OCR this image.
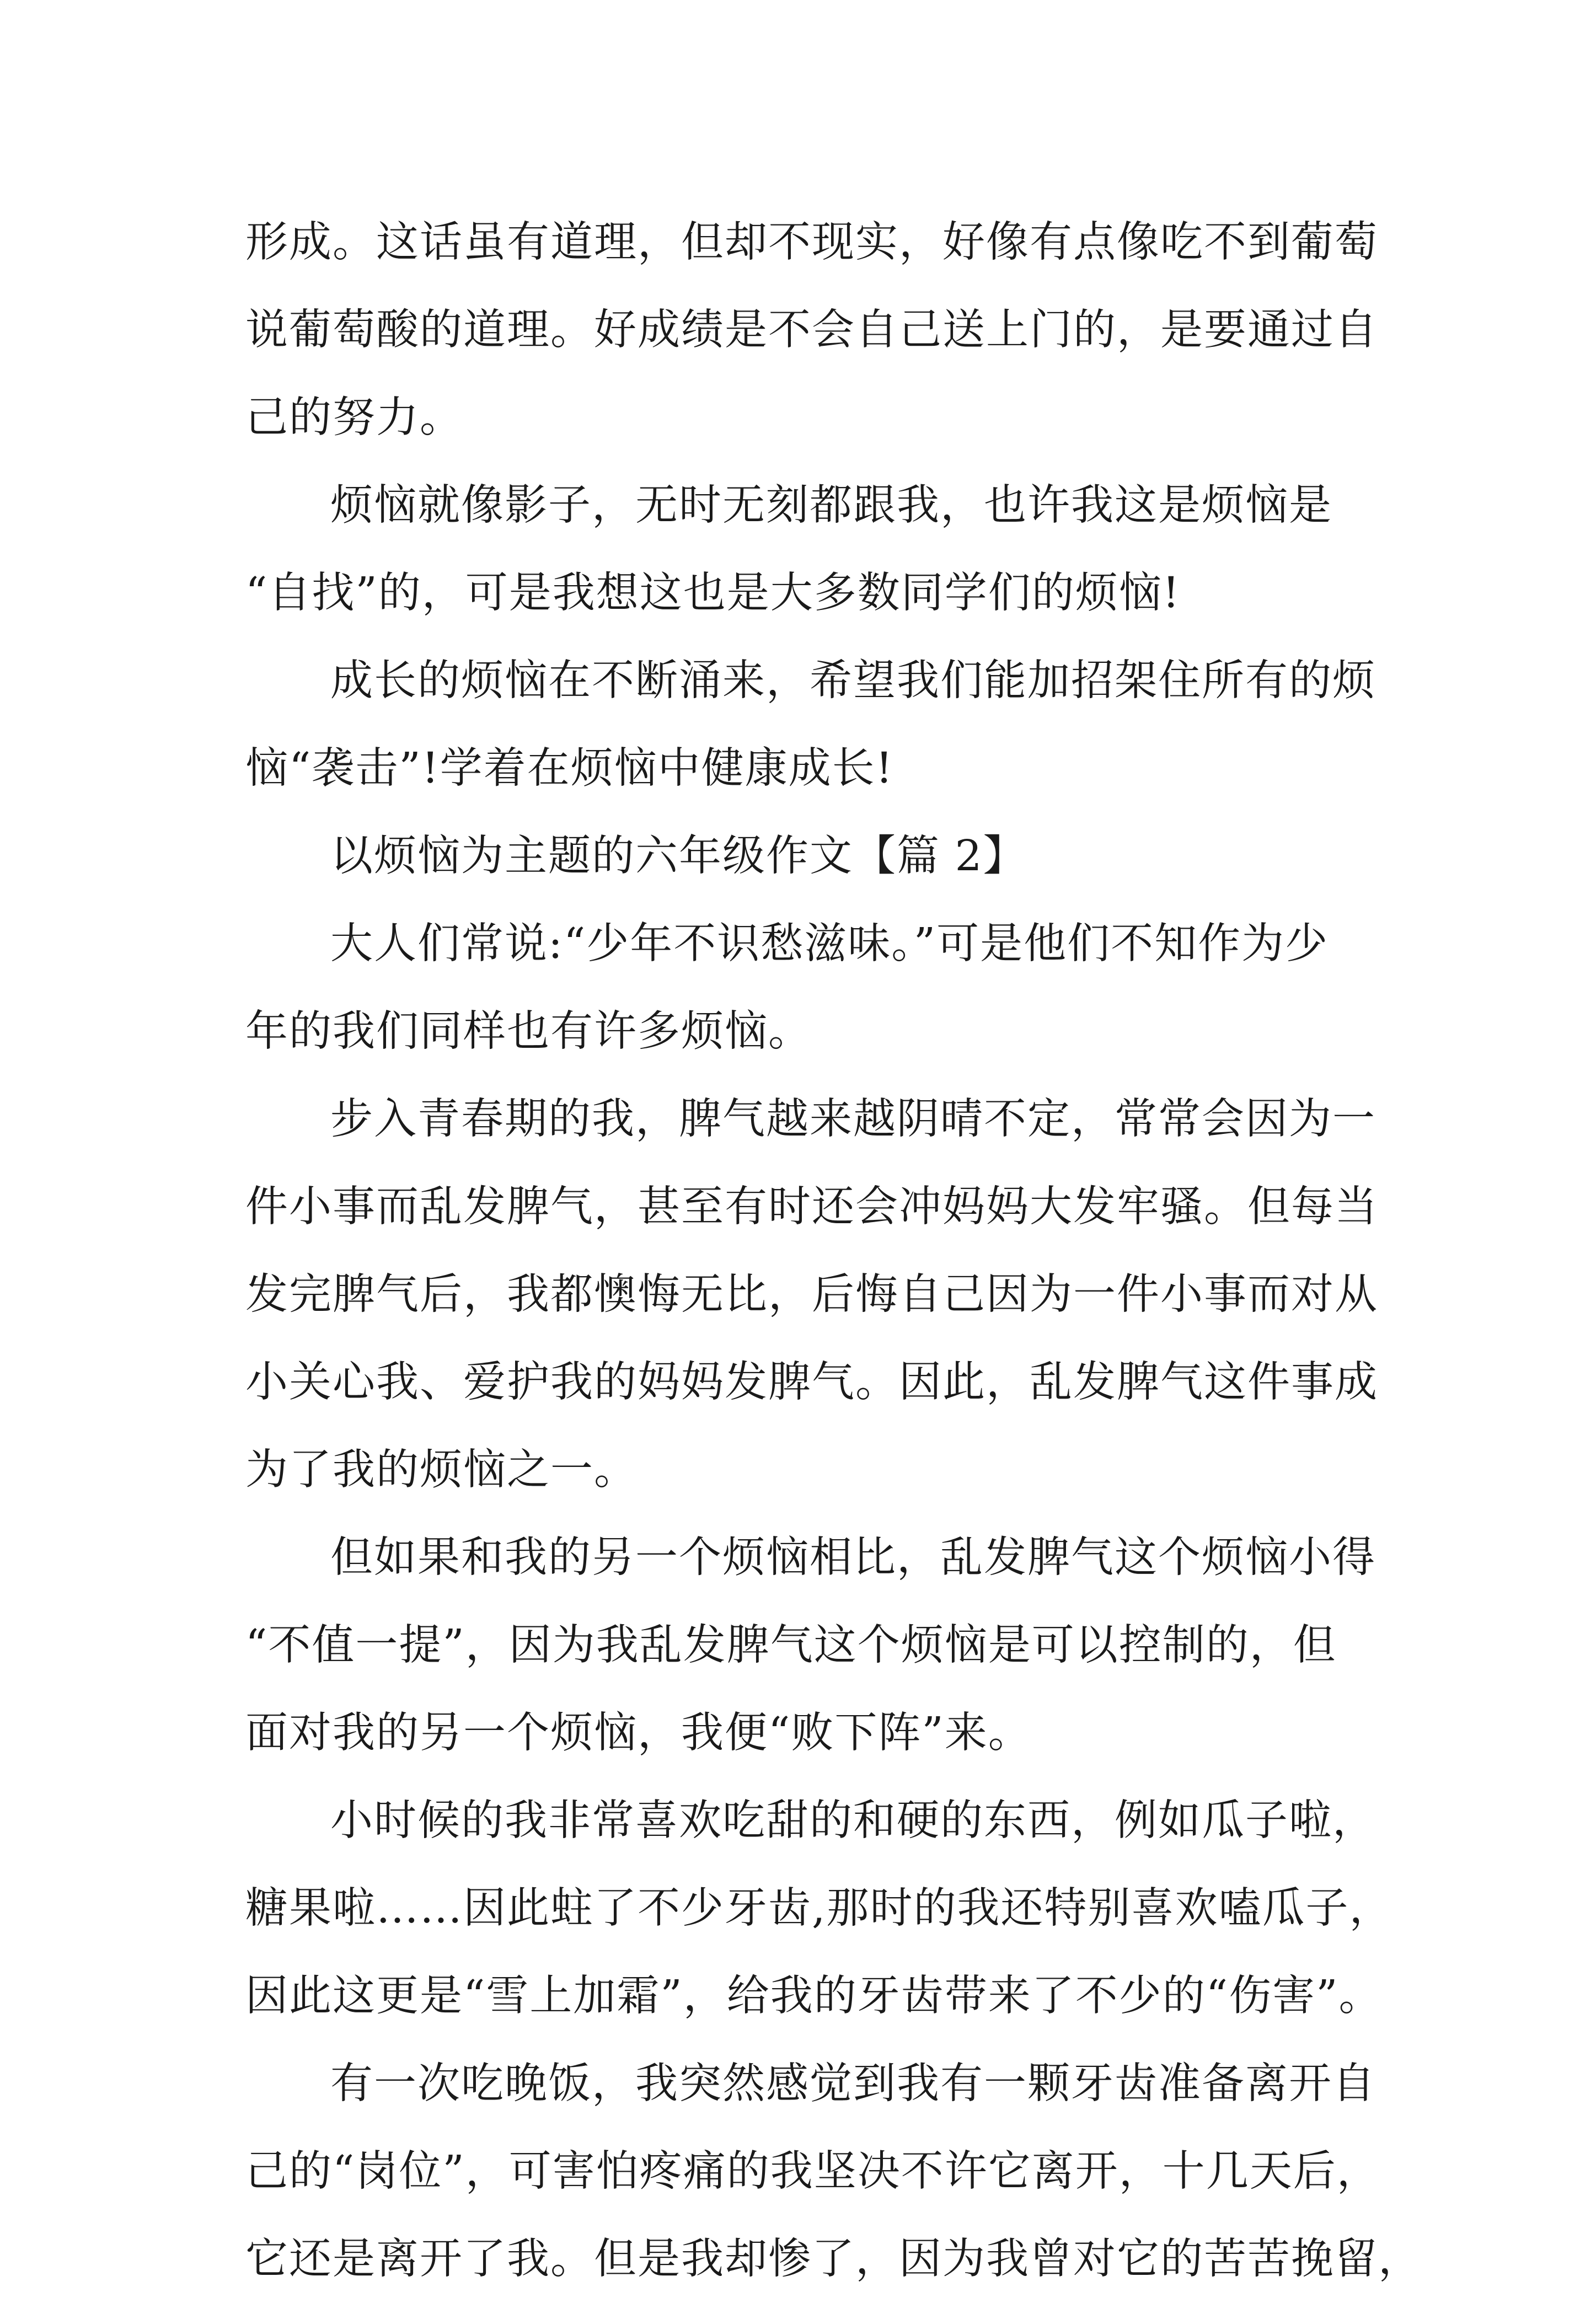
形成。这话虽有道理，但却不现实，好像有点像吃不到葡萄
说葡萄酸的道理。好成绩是不会自己送上门的，是要通过自
己的努力。
烦恼就像影子，无时无刻都跟我，也许我这是烦恼是
“自找”的，可是我想这也是大多数同学们的烦恼!
成长的烦恼在不断涌来，希望我们能加招架住所有的烦
恼“袭击”!学着在烦恼中健康成长!
以烦恼为主题的六年级作文【篇 2】
大人们常说:“少年不识愁滋味。”可是他们不知作为少
年的我们同样也有许多烦恼。
步入青春期的我，脾气越来越阴晴不定，常常会因为一
件小事而乱发脾气，甚至有时还会冲妈妈大发牢骚。但每当
发完脾气后，我都懊悔无比，后悔自己因为一件小事而对从
小关心我、爱护我的妈妈发脾气。因此，乱发脾气这件事成
为了我的烦恼之一。
但如果和我的另一个烦恼相比，乱发脾气这个烦恼小得
“不值一提”，因为我乱发脾气这个烦恼是可以控制的，但
面对我的另一个烦恼，我便“败下阵”来。
小时候的我非常喜欢吃甜的和硬的东西，例如瓜子啦，
糖果啦……因此蛀了不少牙齿,那时的我还特别喜欢嗑瓜子，
因此这更是“雪上加霜”，给我的牙齿带来了不少的“伤害”。
有一次吃晚饭，我突然感觉到我有一颗牙齿准备离开自
己的“岗位”，可害怕疼痛的我坚决不许它离开，十几天后，
它还是离开了我。但是我却惨了，因为我曾对它的苦苦挽留，
